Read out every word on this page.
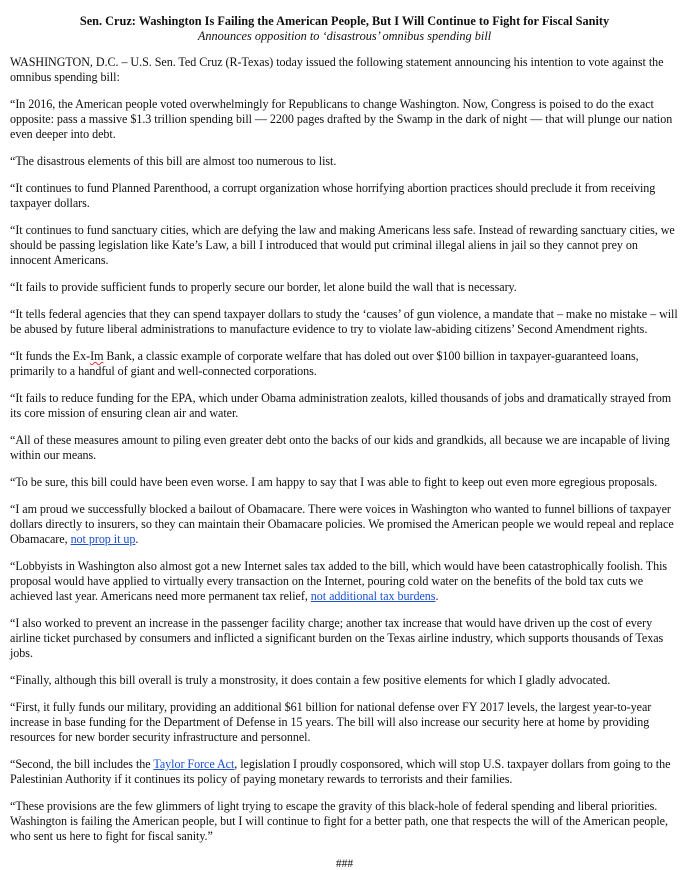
Sen. Cruz: Washington Is Failing the American People, But I Will Continue to Fight for Fiscal Sanity

Announces opposition to ‘disastrous’ omnibus spending bill

WASHINGTON, D.C. – U.S. Sen. Ted Cruz (R-Texas) today issued the following statement announcing his intention to vote against the omnibus spending bill:

“In 2016, the American people voted overwhelmingly for Republicans to change Washington. Now, Congress is poised to do the exact opposite: pass a massive $1.3 trillion spending bill — 2200 pages drafted by the Swamp in the dark of night — that will plunge our nation even deeper into debt.

“The disastrous elements of this bill are almost too numerous to list.

“It continues to fund Planned Parenthood, a corrupt organization whose horrifying abortion practices should preclude it from receiving taxpayer dollars.

“It continues to fund sanctuary cities, which are defying the law and making Americans less safe. Instead of rewarding sanctuary cities, we should be passing legislation like Kate’s Law, a bill I introduced that would put criminal illegal aliens in jail so they cannot prey on innocent Americans.

“It fails to provide sufficient funds to properly secure our border, let alone build the wall that is necessary.

“It tells federal agencies that they can spend taxpayer dollars to study the ‘causes’ of gun violence, a mandate that – make no mistake – will be abused by future liberal administrations to manufacture evidence to try to violate law-abiding citizens’ Second Amendment rights.

“It funds the Ex-Im Bank, a classic example of corporate welfare that has doled out over $100 billion in taxpayer-guaranteed loans, primarily to a handful of giant and well-connected corporations.

“It fails to reduce funding for the EPA, which under Obama administration zealots, killed thousands of jobs and dramatically strayed from its core mission of ensuring clean air and water.

“All of these measures amount to piling even greater debt onto the backs of our kids and grandkids, all because we are incapable of living within our means.

“To be sure, this bill could have been even worse. I am happy to say that I was able to fight to keep out even more egregious proposals.

“I am proud we successfully blocked a bailout of Obamacare. There were voices in Washington who wanted to funnel billions of taxpayer dollars directly to insurers, so they can maintain their Obamacare policies. We promised the American people we would repeal and replace Obamacare, not prop it up.

“Lobbyists in Washington also almost got a new Internet sales tax added to the bill, which would have been catastrophically foolish. This proposal would have applied to virtually every transaction on the Internet, pouring cold water on the benefits of the bold tax cuts we achieved last year. Americans need more permanent tax relief, not additional tax burdens.

“I also worked to prevent an increase in the passenger facility charge; another tax increase that would have driven up the cost of every airline ticket purchased by consumers and inflicted a significant burden on the Texas airline industry, which supports thousands of Texas jobs.

“Finally, although this bill overall is truly a monstrosity, it does contain a few positive elements for which I gladly advocated.

“First, it fully funds our military, providing an additional $61 billion for national defense over FY 2017 levels, the largest year-to-year increase in base funding for the Department of Defense in 15 years. The bill will also increase our security here at home by providing resources for new border security infrastructure and personnel.

“Second, the bill includes the Taylor Force Act, legislation I proudly cosponsored, which will stop U.S. taxpayer dollars from going to the Palestinian Authority if it continues its policy of paying monetary rewards to terrorists and their families.

“These provisions are the few glimmers of light trying to escape the gravity of this black-hole of federal spending and liberal priorities. Washington is failing the American people, but I will continue to fight for a better path, one that respects the will of the American people, who sent us here to fight for fiscal sanity.”

###
